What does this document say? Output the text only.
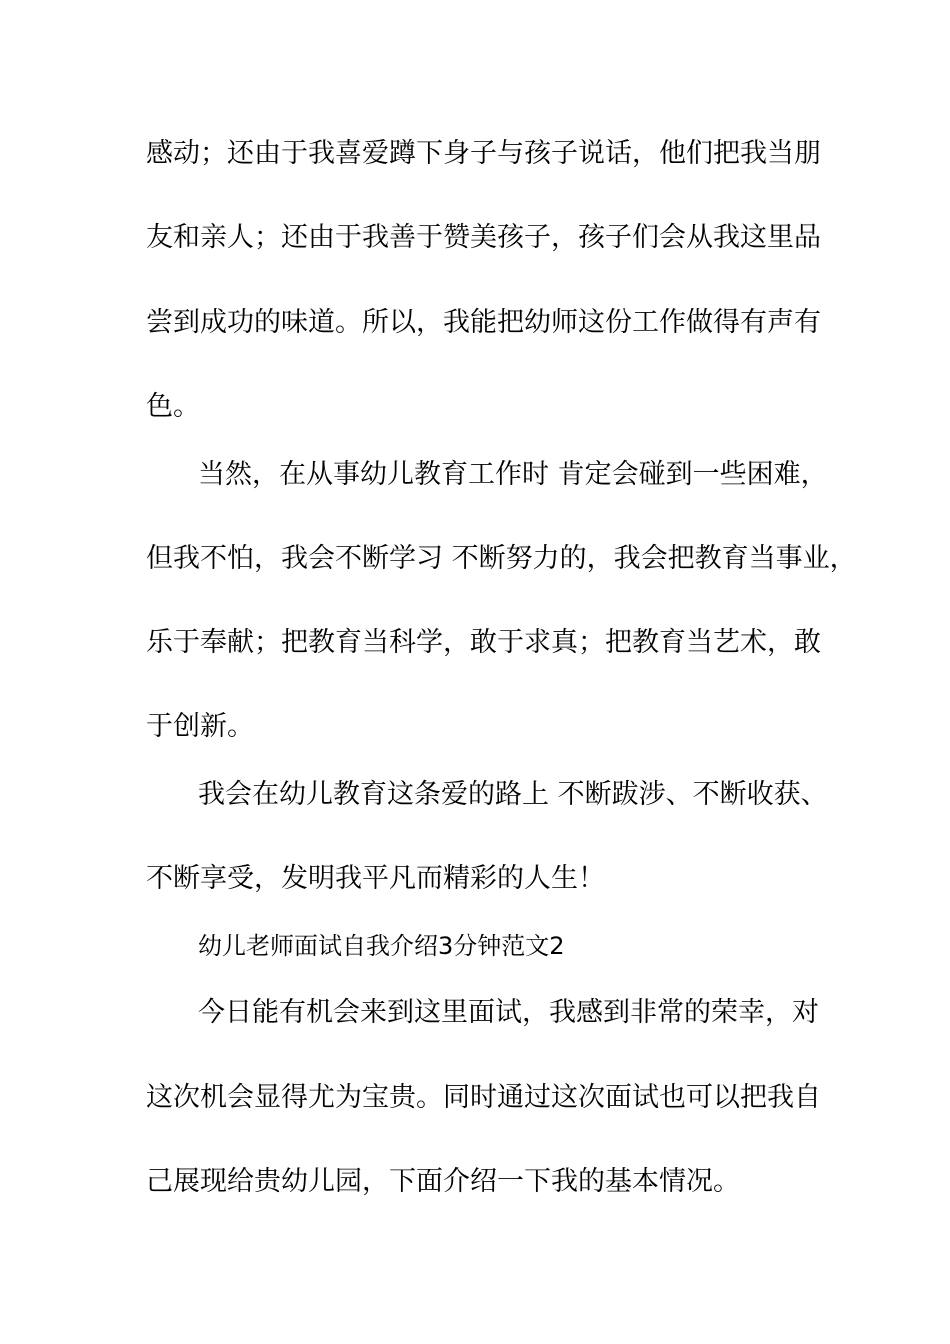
感动；还由于我喜爱蹲下身子与孩子说话，他们把我当朋
友和亲人；还由于我善于赞美孩子，孩子们会从我这里品
尝到成功的味道。所以，我能把幼师这份工作做得有声有
色。
当然，在从事幼儿教育工作时 肯定会碰到一些困难，
但我不怕，我会不断学习 不断努力的，我会把教育当事业，
乐于奉献；把教育当科学，敢于求真；把教育当艺术，敢
于创新。
我会在幼儿教育这条爱的路上 不断跋涉、不断收获、
不断享受，发明我平凡而精彩的人生！
幼儿老师面试自我介绍3分钟范文2
今日能有机会来到这里面试，我感到非常的荣幸，对
这次机会显得尤为宝贵。同时通过这次面试也可以把我自
己展现给贵幼儿园，下面介绍一下我的基本情况。
